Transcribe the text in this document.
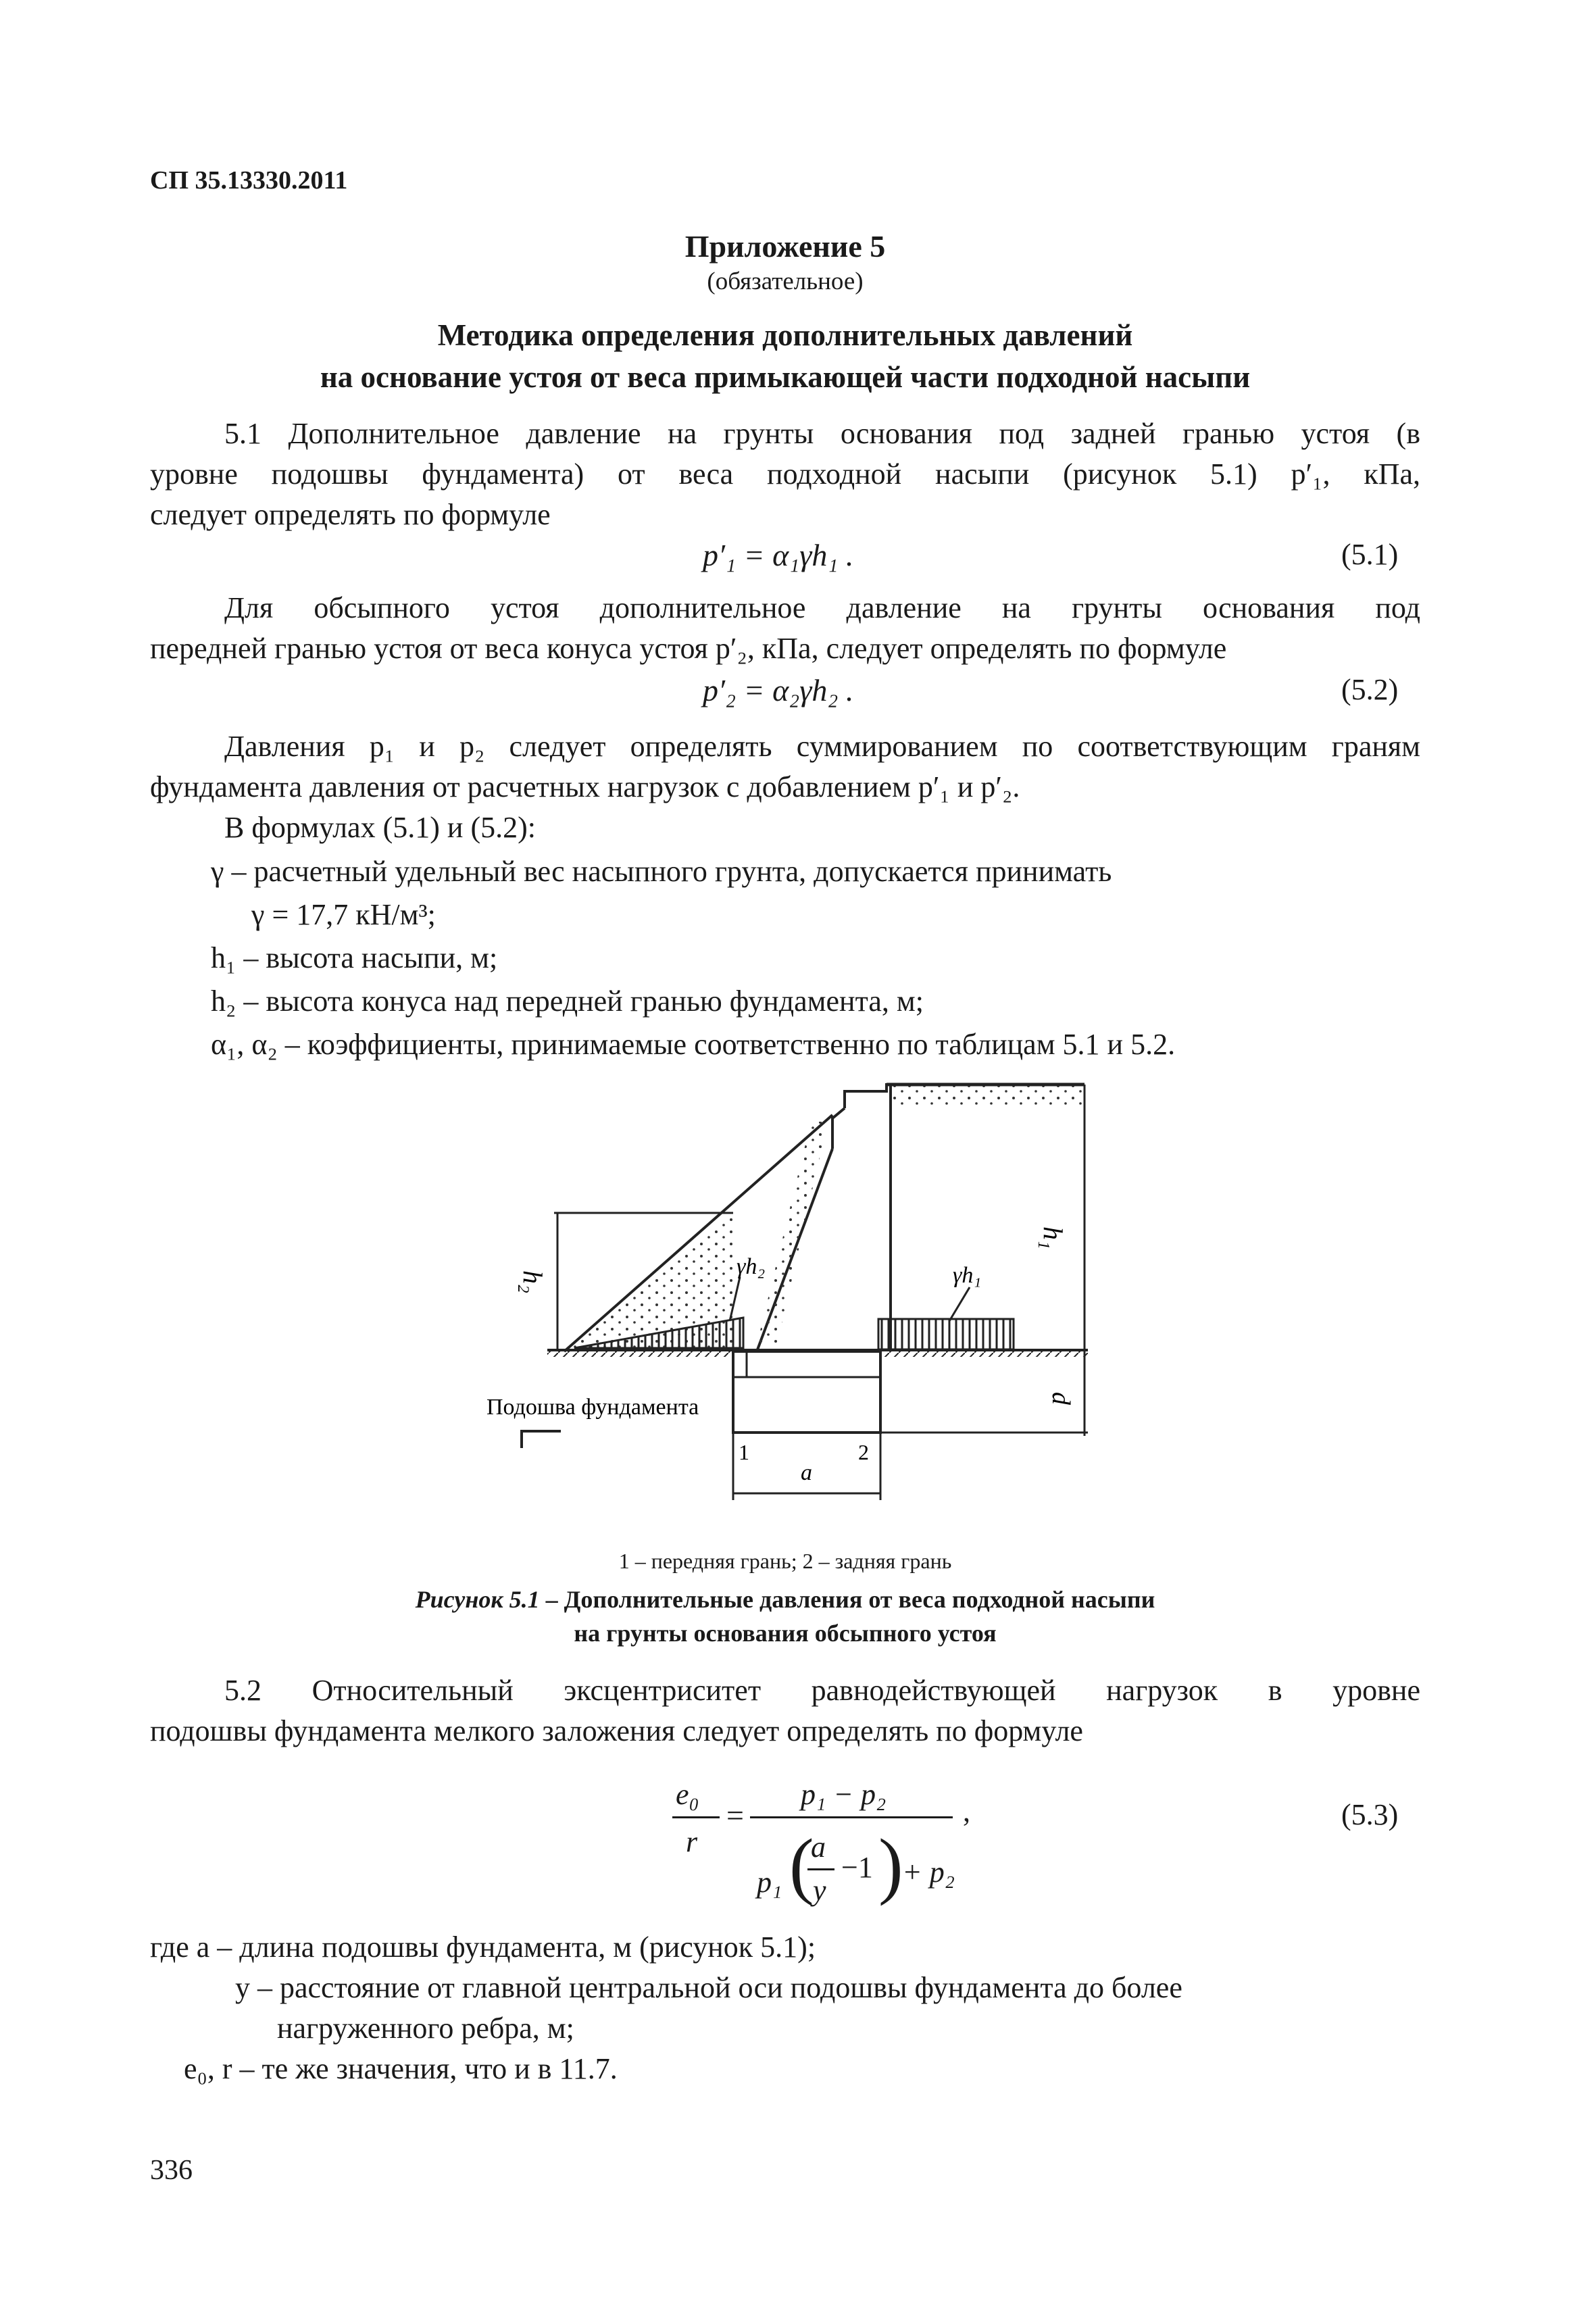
СП 35.13330.2011
Приложение 5
(обязательное)
Методика определения дополнительных давлений
на основание устоя от веса примыкающей части подходной насыпи
5.1 Дополнительное давление на грунты основания под задней гранью устоя (в
уровне подошвы фундамента) от веса подходной насыпи (рисунок 5.1) p′₁, кПа,
следует определять по формуле
p′₁ = α₁γh₁ .	(5.1)
Для обсыпного устоя дополнительное давление на грунты основания под
передней гранью устоя от веса конуса устоя p′₂, кПа, следует определять по формуле
p′₂ = α₂γh₂ .	(5.2)
Давления p₁ и p₂ следует определять суммированием по соответствующим граням
фундамента давления от расчетных нагрузок с добавлением p′₁ и p′₂.
В формулах (5.1) и (5.2):
γ – расчетный удельный вес насыпного грунта, допускается принимать
γ = 17,7 кН/м³;
h₁ – высота насыпи, м;
h₂ – высота конуса над передней гранью фундамента, м;
α₁, α₂ – коэффициенты, принимаемые соответственно по таблицам 5.1 и 5.2.
h₁
h₂
γh₂	γh₁
d
a
1	2
Подошва фундамента
1 – передняя грань; 2 – задняя грань
Рисунок 5.1 – Дополнительные давления от веса подходной насыпи
на грунты основания обсыпного устоя
5.2 Относительный эксцентриситет равнодействующей нагрузок в уровне
подошвы фундамента мелкого заложения следует определять по формуле
e₀
r
=
p₁ − p₂
p₁ (
a
y
−1 )
+ p₂
,	(5.3)
где a – длина подошвы фундамента, м (рисунок 5.1);
y – расстояние от главной центральной оси подошвы фундамента до более
нагруженного ребра, м;
e₀, r – те же значения, что и в 11.7.
336
